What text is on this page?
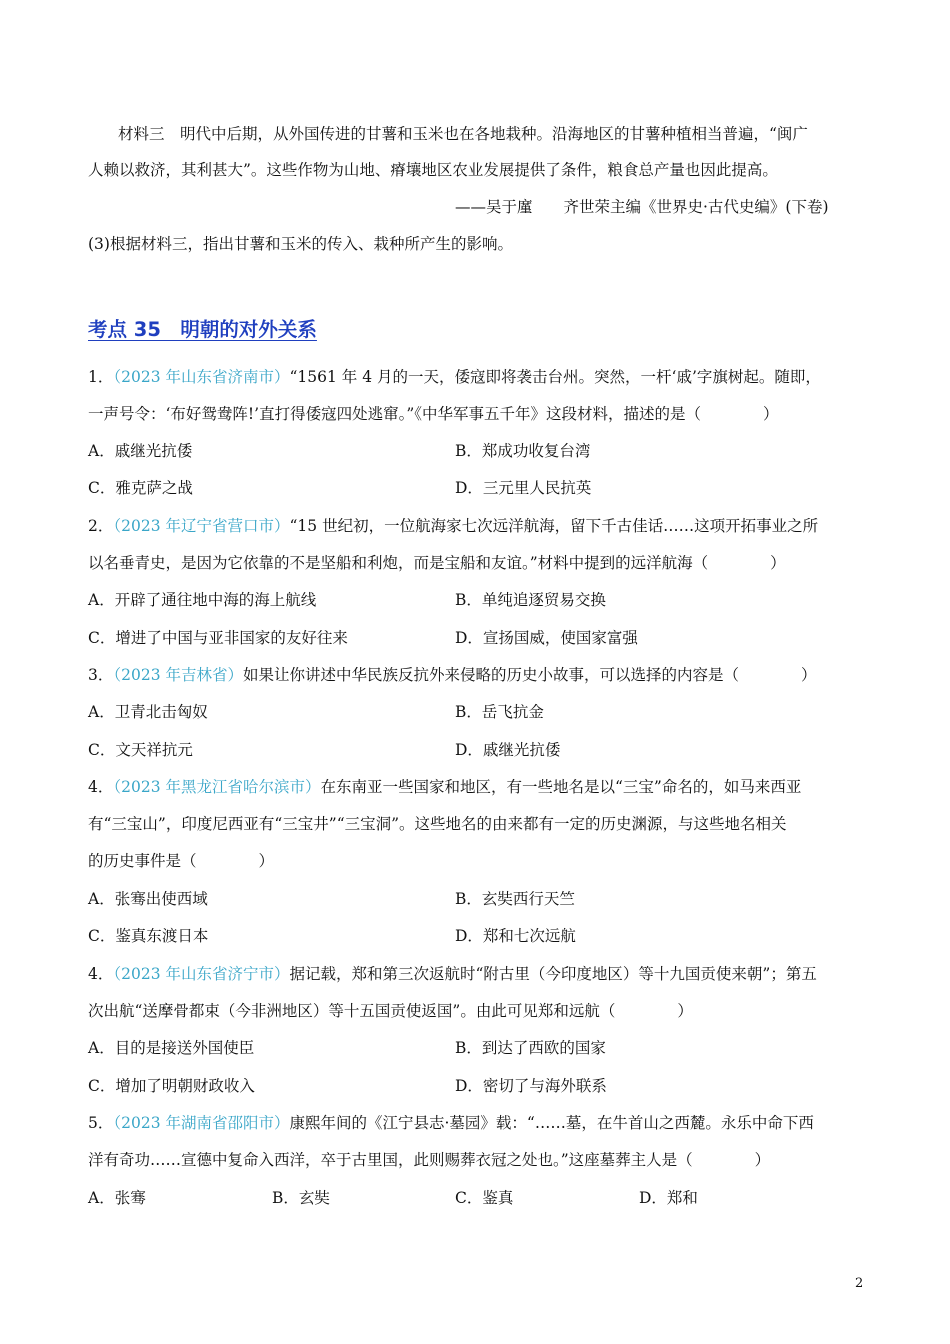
材料三　明代中后期，从外国传进的甘薯和玉米也在各地栽种。沿海地区的甘薯种植相当普遍，“闽广
人赖以救济，其利甚大”。这些作物为山地、瘠壤地区农业发展提供了条件，粮食总产量也因此提高。
——吴于廑　　齐世荣主编《世界史·古代史编》(下卷)
(3)根据材料三，指出甘薯和玉米的传入、栽种所产生的影响。
考点 35　明朝的对外关系
1．（2023 年山东省济南市）“1561 年 4 月的一天，倭寇即将袭击台州。突然，一杆‘戚’字旗树起。随即，
一声号令：‘布好鸳鸯阵!’直打得倭寇四处逃窜。”《中华军事五千年》这段材料，描述的是（　　　　）
A．戚继光抗倭	B．郑成功收复台湾
C．雅克萨之战	D．三元里人民抗英
2．（2023 年辽宁省营口市）“15 世纪初，一位航海家七次远洋航海，留下千古佳话……这项开拓事业之所
以名垂青史，是因为它依靠的不是坚船和利炮，而是宝船和友谊。”材料中提到的远洋航海（　　　　）
A．开辟了通往地中海的海上航线	B．单纯追逐贸易交换
C．增进了中国与亚非国家的友好往来	D．宣扬国威，使国家富强
3．（2023 年吉林省）如果让你讲述中华民族反抗外来侵略的历史小故事，可以选择的内容是（　　　　）
A．卫青北击匈奴	B．岳飞抗金
C．文天祥抗元	D．戚继光抗倭
4．（2023 年黑龙江省哈尔滨市）在东南亚一些国家和地区，有一些地名是以“三宝”命名的，如马来西亚
有“三宝山”，印度尼西亚有“三宝井”“三宝洞”。这些地名的由来都有一定的历史渊源，与这些地名相关
的历史事件是（　　　　）
A．张骞出使西域	B．玄奘西行天竺
C．鉴真东渡日本	D．郑和七次远航
4．（2023 年山东省济宁市）据记载，郑和第三次返航时“附古里（今印度地区）等十九国贡使来朝”；第五
次出航“送摩骨都束（今非洲地区）等十五国贡使返国”。由此可见郑和远航（　　　　）
A．目的是接送外国使臣	B．到达了西欧的国家
C．增加了明朝财政收入	D．密切了与海外联系
5．（2023 年湖南省邵阳市）康熙年间的《江宁县志·墓园》载：“……墓，在牛首山之西麓。永乐中命下西
洋有奇功……宣德中复命入西洋，卒于古里国，此则赐葬衣冠之处也。”这座墓葬主人是（　　　　）
A．张骞	B．玄奘	C．鉴真	D．郑和
2
